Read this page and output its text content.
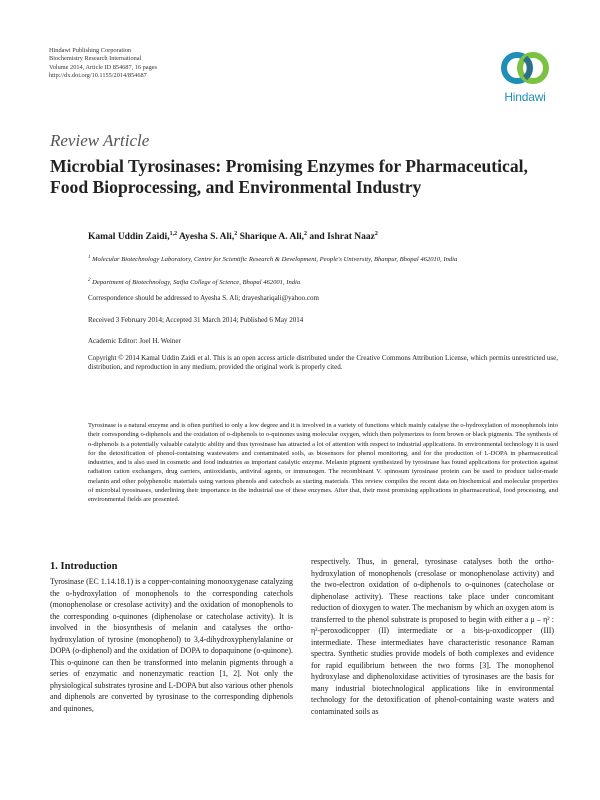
Hindawi Publishing Corporation
Biochemistry Research International
Volume 2014, Article ID 854687, 16 pages
http://dx.doi.org/10.1155/2014/854687
Hindawi
Review Article
Microbial Tyrosinases: Promising Enzymes for Pharmaceutical, Food Bioprocessing, and Environmental Industry
Kamal Uddin Zaidi,$^{1,2}$ Ayesha S. Ali,$^2$ Sharique A. Ali,$^2$ and Ishrat Naaz$^2$
$^1$ Molecular Biotechnology Laboratory, Centre for Scientific Research & Development, People's University, Bhanpur, Bhopal 462010, India
$^2$ Department of Biotechnology, Saifia College of Science, Bhopal 462001, India
Correspondence should be addressed to Ayesha S. Ali; drayeshariqali@yahoo.com
Received 3 February 2014; Accepted 31 March 2014; Published 6 May 2014
Academic Editor: Joel H. Weiner
Copyright © 2014 Kamal Uddin Zaidi et al. This is an open access article distributed under the Creative Commons Attribution License, which permits unrestricted use, distribution, and reproduction in any medium, provided the original work is properly cited.
Tyrosinase is a natural enzyme and is often purified to only a low degree and it is involved in a variety of functions which mainly catalyse the o-hydroxylation of monophenols into their corresponding o-diphenols and the oxidation of o-diphenols to o-quinones using molecular oxygen, which then polymerizes to form brown or black pigments. The synthesis of o-diphenols is a potentially valuable catalytic ability and thus tyrosinase has attracted a lot of attention with respect to industrial applications. In environmental technology it is used for the detoxification of phenol-containing wastewaters and contaminated soils, as biosensors for phenol monitoring, and for the production of L-DOPA in pharmaceutical industries, and is also used in cosmetic and food industries as important catalytic enzyme. Melanin pigment synthesized by tyrosinase has found applications for protection against radiation cation exchangers, drug carriers, antioxidants, antiviral agents, or immunogen. The recombinant V. spinosum tyrosinase protein can be used to produce tailor-made melanin and other polyphenolic materials using various phenols and catechols as starting materials. This review compiles the recent data on biochemical and molecular properties of microbial tyrosinases, underlining their importance in the industrial use of these enzymes. After that, their most promising applications in pharmaceutical, food processing, and environmental fields are presented.
1. Introduction
Tyrosinase (EC 1.14.18.1) is a copper-containing monooxygenase catalyzing the o-hydroxylation of monophenols to the corresponding catechols (monophenolase or cresolase activity) and the oxidation of monophenols to the corresponding o-quinones (diphenolase or catecholase activity). It is involved in the biosynthesis of melanin and catalyses the ortho-hydroxylation of tyrosine (monophenol) to 3,4-dihydroxyphenylalanine or DOPA (o-diphenol) and the oxidation of DOPA to dopaquinone (o-quinone). This o-quinone can then be transformed into melanin pigments through a series of enzymatic and nonenzymatic reaction [1, 2]. Not only the physiological substrates tyrosine and L-DOPA but also various other phenols and diphenols are converted by tyrosinase to the corresponding diphenols and quinones,
respectively. Thus, in general, tyrosinase catalyses both the ortho-hydroxylation of monophenols (cresolase or monophenolase activity) and the two-electron oxidation of o-diphenols to o-quinones (catecholase or diphenolase activity). These reactions take place under concomitant reduction of dioxygen to water. The mechanism by which an oxygen atom is transferred to the phenol substrate is proposed to begin with either a μ – η² : η²-peroxodicopper (II) intermediate or a bis-μ-oxodicopper (III) intermediate. These intermediates have characteristic resonance Raman spectra. Synthetic studies provide models of both complexes and evidence for rapid equilibrium between the two forms [3]. The monophenol hydroxylase and diphenoloxidase activities of tyrosinases are the basis for many industrial biotechnological applications like in environmental technology for the detoxification of phenol-containing waste waters and contaminated soils as
